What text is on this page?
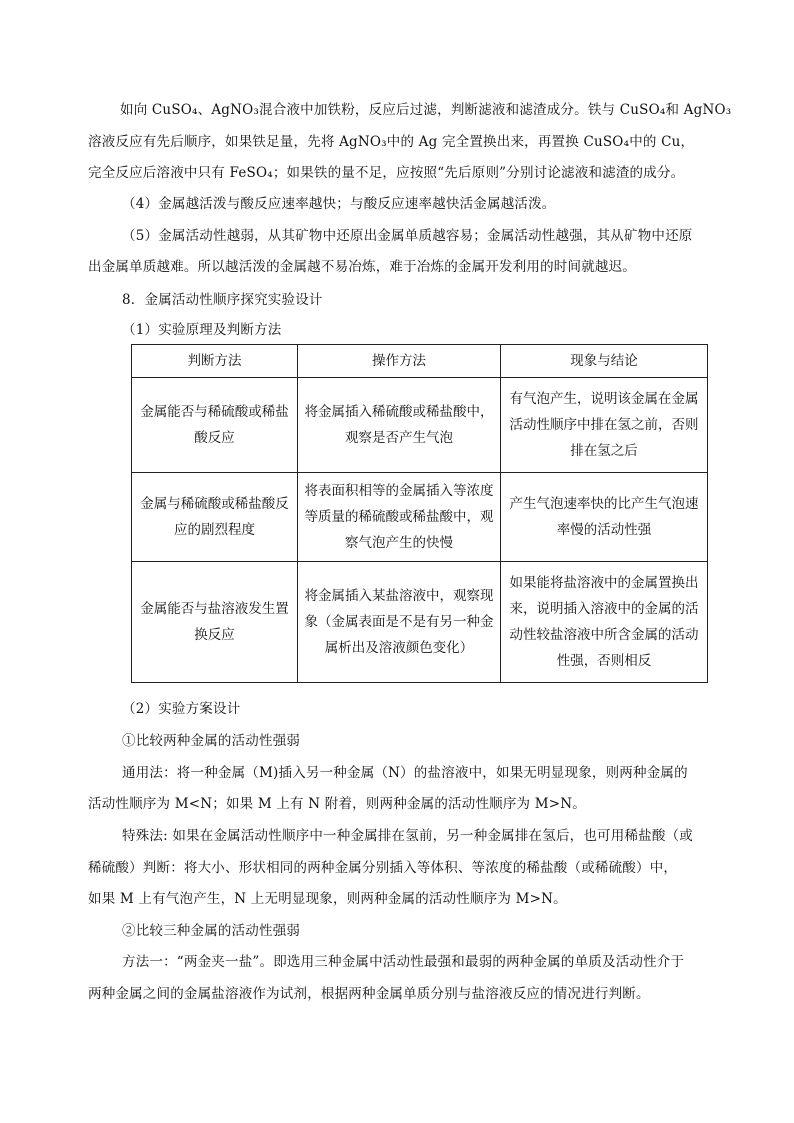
如向 CuSO₄、AgNO₃混合液中加铁粉，反应后过滤，判断滤液和滤渣成分。铁与 CuSO₄和 AgNO₃
溶液反应有先后顺序，如果铁足量，先将 AgNO₃中的 Ag 完全置换出来，再置换 CuSO₄中的 Cu，
完全反应后溶液中只有 FeSO₄；如果铁的量不足，应按照“先后原则”分别讨论滤液和滤渣的成分。
（4）金属越活泼与酸反应速率越快；与酸反应速率越快活金属越活泼。
（5）金属活动性越弱，从其矿物中还原出金属单质越容易；金属活动性越强，其从矿物中还原
出金属单质越难。所以越活泼的金属越不易冶炼，难于冶炼的金属开发利用的时间就越迟。
8．金属活动性顺序探究实验设计
（1）实验原理及判断方法
判断方法	操作方法	现象与结论

金属能否与稀硫酸或稀盐酸反应	将金属插入稀硫酸或稀盐酸中，观察是否产生气泡	有气泡产生，说明该金属在金属活动性顺序中排在氢之前，否则排在氢之后

金属与稀硫酸或稀盐酸反应的剧烈程度	将表面积相等的金属插入等浓度等质量的稀硫酸或稀盐酸中，观察气泡产生的快慢	产生气泡速率快的比产生气泡速率慢的活动性强

金属能否与盐溶液发生置换反应	将金属插入某盐溶液中，观察现象（金属表面是不是有另一种金属析出及溶液颜色变化）	如果能将盐溶液中的金属置换出来，说明插入溶液中的金属的活动性较盐溶液中所含金属的活动性强，否则相反
（2）实验方案设计
①比较两种金属的活动性强弱
通用法：将一种金属（M)插入另一种金属（N）的盐溶液中，如果无明显现象，则两种金属的
活动性顺序为 M<N；如果 M 上有 N 附着，则两种金属的活动性顺序为 M>N。
特殊法: 如果在金属活动性顺序中一种金属排在氢前，另一种金属排在氢后，也可用稀盐酸（或
稀硫酸）判断：将大小、形状相同的两种金属分别插入等体积、等浓度的稀盐酸（或稀硫酸）中，
如果 M 上有气泡产生，N 上无明显现象，则两种金属的活动性顺序为 M>N。
②比较三种金属的活动性强弱
方法一：“两金夹一盐”。即选用三种金属中活动性最强和最弱的两种金属的单质及活动性介于
两种金属之间的金属盐溶液作为试剂，根据两种金属单质分别与盐溶液反应的情况进行判断。
